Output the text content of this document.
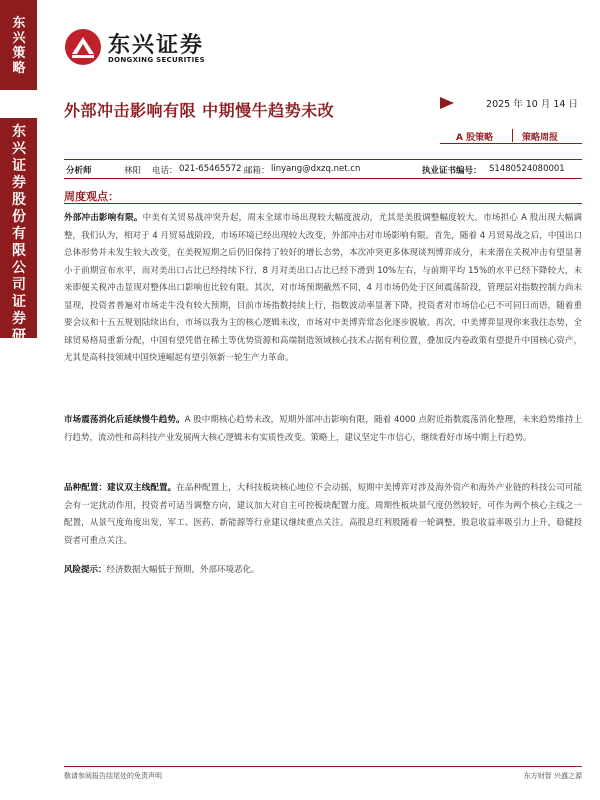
东兴策略
东兴证券股份有限公司证券研究报告
东兴证券
DONGXING SECURITIES
外部冲击影响有限 中期慢牛趋势未改	2025 年 10 月 14 日
A 股策略	策略周报
分析师	林阳 电话： 021-65465572 邮箱： linyang@dxzq.net.cn	执业证书编号： S1480524080001
周度观点：

外部冲击影响有限。中美有关贸易战冲突升起，周末全球市场出现较大幅度波动，尤其是美股调整幅度较大，市场担心 A 股出现大幅调整，我们认为，相对于 4 月贸易战阶段，市场环境已经出现较大改变，外部冲击对市场影响有限。首先，随着 4 月贸易战之后，中国出口总体形势并未发生较大改变，在美税短期之后仍旧保持了较好的增长态势，本次冲突更多体现谈判博弈成分，未来潜在关税冲击有望显著小于前期宣布水平，而对美出口占比已经持续下行，8 月对美出口占比已经下滑到 10%左右，与前期平均 15%的水平已经下降较大，未来即便关税冲击显现对整体出口影响也比较有限。其次，对市场预期截然不同，4 月市场仍处于区间震荡阶段，管理层对指数控制力尚未显现，投资者普遍对市场走牛没有较大预期，目前市场指数持续上行，指数波动率显著下降，投资者对市场信心已不可同日而语，随着重要会议和十五五规划陆续出台，市场以我为主的核心逻辑未改，市场对中美博弈常态化逐步脱敏。再次，中美博弈显现你来我往态势，全球贸易格局重新分配，中国有望凭借在稀土等优势资源和高端制造领域核心技术占据有利位置，叠加反内卷政策有望提升中国核心资产，尤其是高科技领域中国快速崛起有望引领新一轮生产力革命。

市场震荡消化后延续慢牛趋势。A 股中期核心趋势未改，短期外部冲击影响有限，随着 4000 点附近指数震荡消化整理，未来趋势维持上行趋势，流动性和高科技产业发展两大核心逻辑未有实质性改变。策略上，建议坚定牛市信心，继续看好市场中期上行趋势。

品种配置：建议双主线配置。在品种配置上，大科技板块核心地位不会动摇，短期中美博弈对涉及海外资产和海外产业链的科技公司可能会有一定扰动作用，投资者可适当调整方向，建议加大对自主可控板块配置力度。周期性板块景气度仍然较好，可作为两个核心主线之一配置，从景气度角度出发，军工、医药、新能源等行业建议继续重点关注。高股息红利股随着一轮调整，股息收益率吸引力上升，稳健投资者可重点关注。

风险提示：经济数据大幅低于预期，外部环境恶化。

敬请参阅报告结尾处的免责声明	东方财智 兴盛之源
